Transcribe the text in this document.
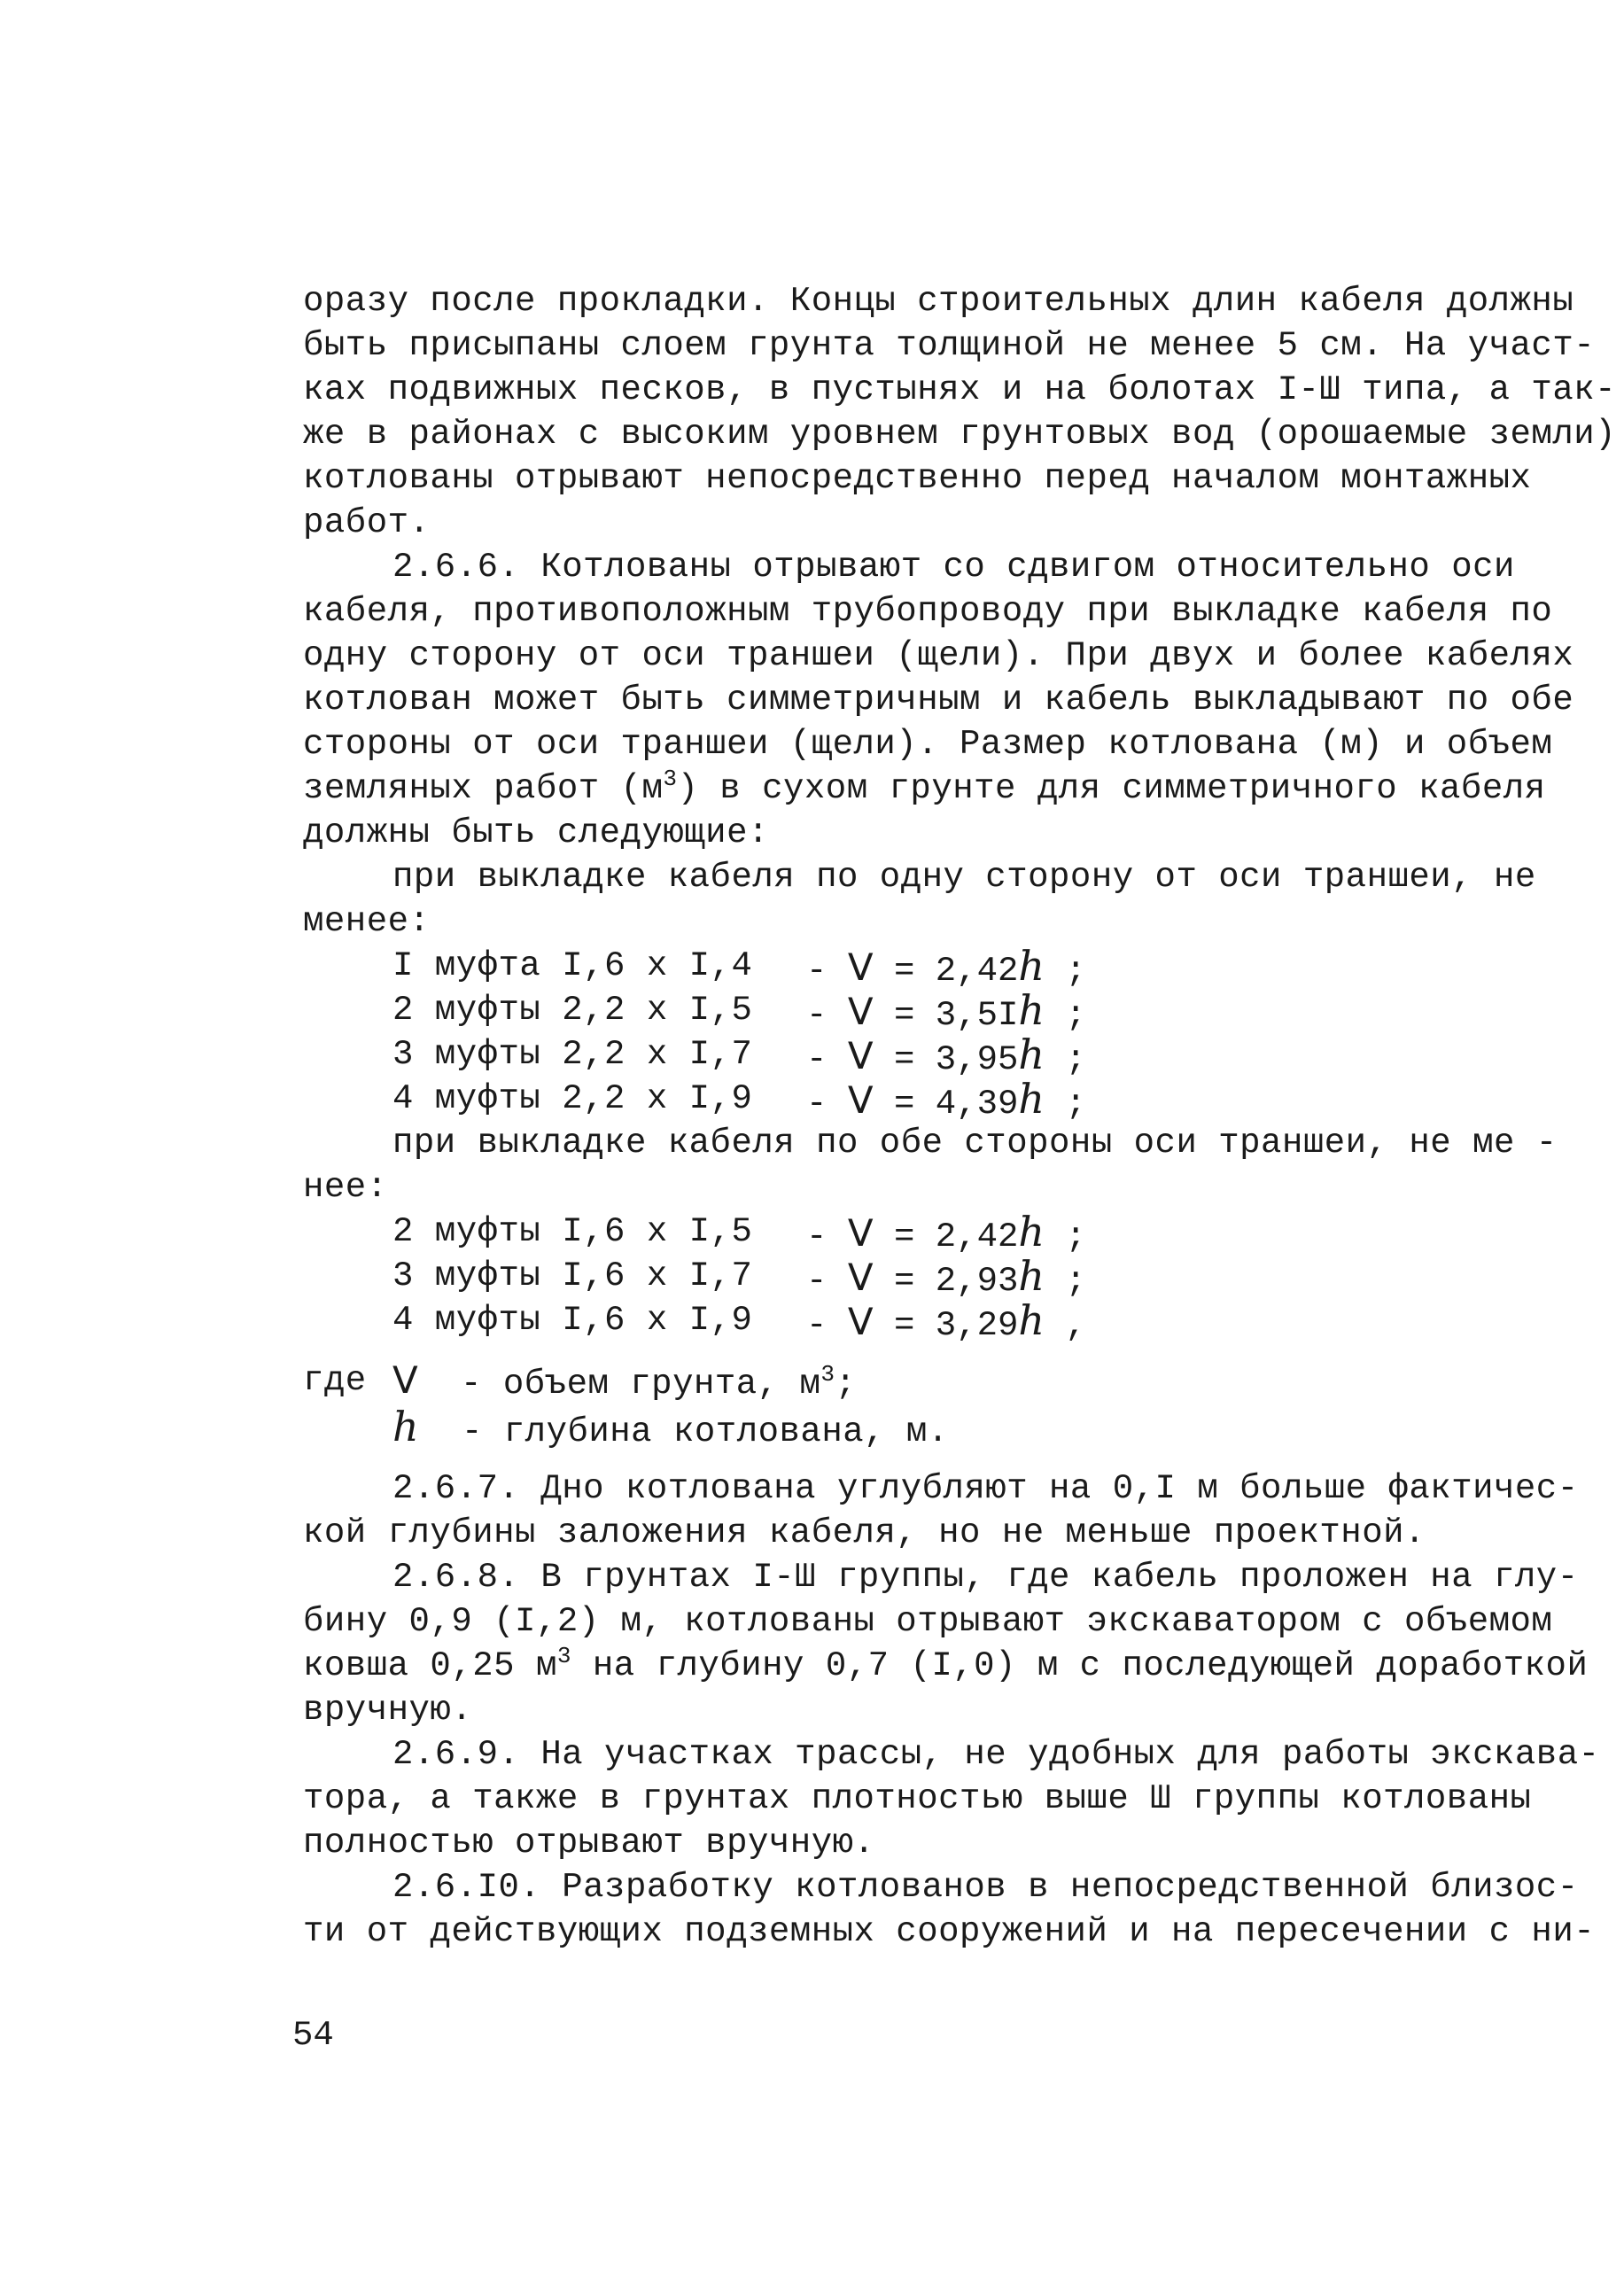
оразу после прокладки. Концы строительных длин кабеля должны
быть присыпаны слоем грунта толщиной не менее 5 см. На участ-
ках подвижных песков, в пустынях и на болотах I-Ш типа, а так-
же в районах с высоким уровнем грунтовых вод (орошаемые земли)
котлованы отрывают непосредственно перед началом монтажных
работ.
2.6.6. Котлованы отрывают со сдвигом относительно оси
кабеля, противоположным трубопроводу при выкладке кабеля по
одну сторону от оси траншеи (щели). При двух и более кабелях
котлован может быть симметричным и кабель выкладывают по обе
стороны от оси траншеи (щели). Размер котлована (м) и объем
земляных работ $(м^3)$ в сухом грунте для симметричного кабеля
должны быть следующие:
при выкладке кабеля по одну сторону от оси траншеи, не
менее:
I муфта I,6 x I,4 - V = 2,42h ;
2 муфты 2,2 x I,5 - V = 3,5Ih ;
3 муфты 2,2 x I,7 - V = 3,95h ;
4 муфты 2,2 x I,9 - V = 4,39h ;
при выкладке кабеля по обе стороны оси траншеи, не ме -
нее:
2 муфты I,6 x I,5 - V = 2,42h ;
3 муфты I,6 x I,7 - V = 2,93h ;
4 муфты I,6 x I,9 - V = 3,29h ,
где V - объем грунта, $м^3$;
h - глубина котлована, м.
2.6.7. Дно котлована углубляют на 0,I м больше фактичес-
кой глубины заложения кабеля, но не меньше проектной.
2.6.8. В грунтах I-Ш группы, где кабель проложен на глу-
бину 0,9 (I,2) м, котлованы отрывают экскаватором с объемом
ковша 0,25 $м^3$ на глубину 0,7 (I,0) м с последующей доработкой
вручную.
2.6.9. На участках трассы, не удобных для работы экскава-
тора, а также в грунтах плотностью выше Ш группы котлованы
полностью отрывают вручную.
2.6.I0. Разработку котлованов в непосредственной близос-
ти от действующих подземных сооружений и на пересечении с ни-
54
